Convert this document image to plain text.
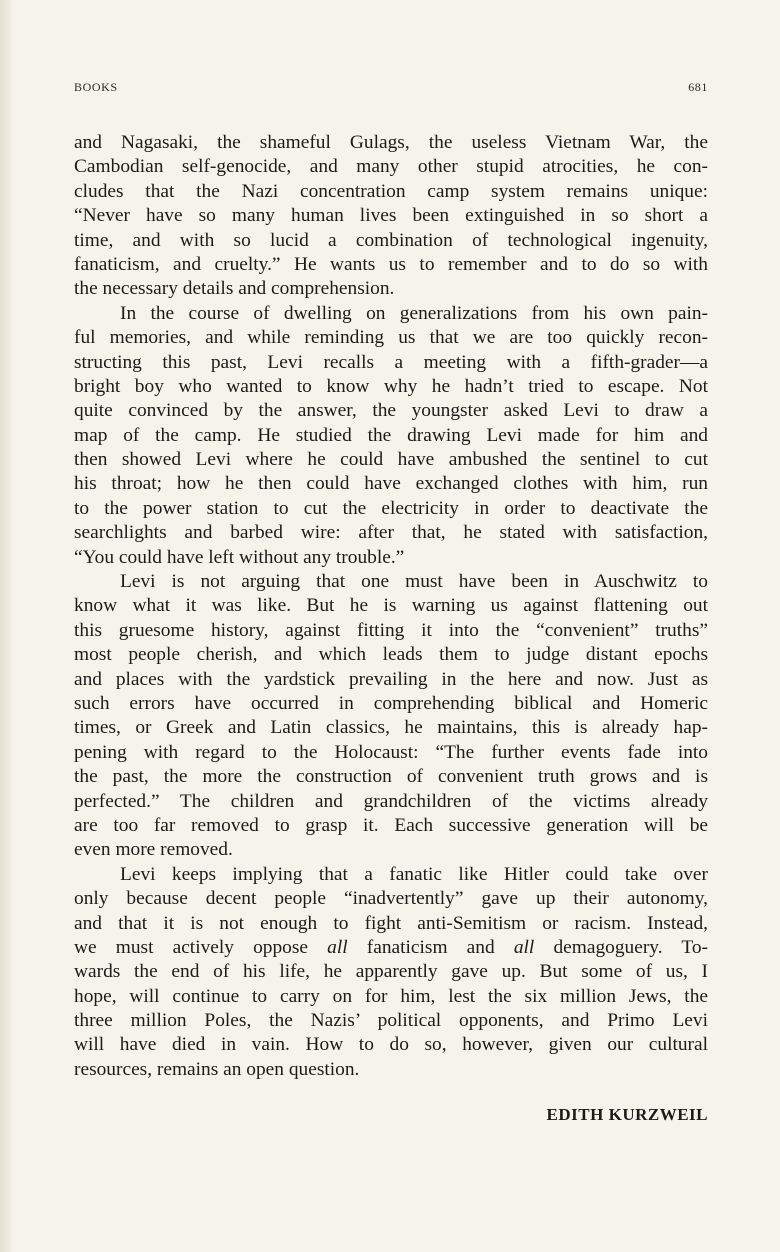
BOOKS	681
and Nagasaki, the shameful Gulags, the useless Vietnam War, the
Cambodian self-genocide, and many other stupid atrocities, he con-
cludes that the Nazi concentration camp system remains unique:
“Never have so many human lives been extinguished in so short a
time, and with so lucid a combination of technological ingenuity,
fanaticism, and cruelty.” He wants us to remember and to do so with
the necessary details and comprehension.
In the course of dwelling on generalizations from his own pain-
ful memories, and while reminding us that we are too quickly recon-
structing this past, Levi recalls a meeting with a fifth-grader—a
bright boy who wanted to know why he hadn’t tried to escape. Not
quite convinced by the answer, the youngster asked Levi to draw a
map of the camp. He studied the drawing Levi made for him and
then showed Levi where he could have ambushed the sentinel to cut
his throat; how he then could have exchanged clothes with him, run
to the power station to cut the electricity in order to deactivate the
searchlights and barbed wire: after that, he stated with satisfaction,
“You could have left without any trouble.”
Levi is not arguing that one must have been in Auschwitz to
know what it was like. But he is warning us against flattening out
this gruesome history, against fitting it into the “convenient” truths”
most people cherish, and which leads them to judge distant epochs
and places with the yardstick prevailing in the here and now. Just as
such errors have occurred in comprehending biblical and Homeric
times, or Greek and Latin classics, he maintains, this is already hap-
pening with regard to the Holocaust: “The further events fade into
the past, the more the construction of convenient truth grows and is
perfected.” The children and grandchildren of the victims already
are too far removed to grasp it. Each successive generation will be
even more removed.
Levi keeps implying that a fanatic like Hitler could take over
only because decent people “inadvertently” gave up their autonomy,
and that it is not enough to fight anti-Semitism or racism. Instead,
we must actively oppose all fanaticism and all demagoguery. To-
wards the end of his life, he apparently gave up. But some of us, I
hope, will continue to carry on for him, lest the six million Jews, the
three million Poles, the Nazis’ political opponents, and Primo Levi
will have died in vain. How to do so, however, given our cultural
resources, remains an open question.
EDITH KURZWEIL
